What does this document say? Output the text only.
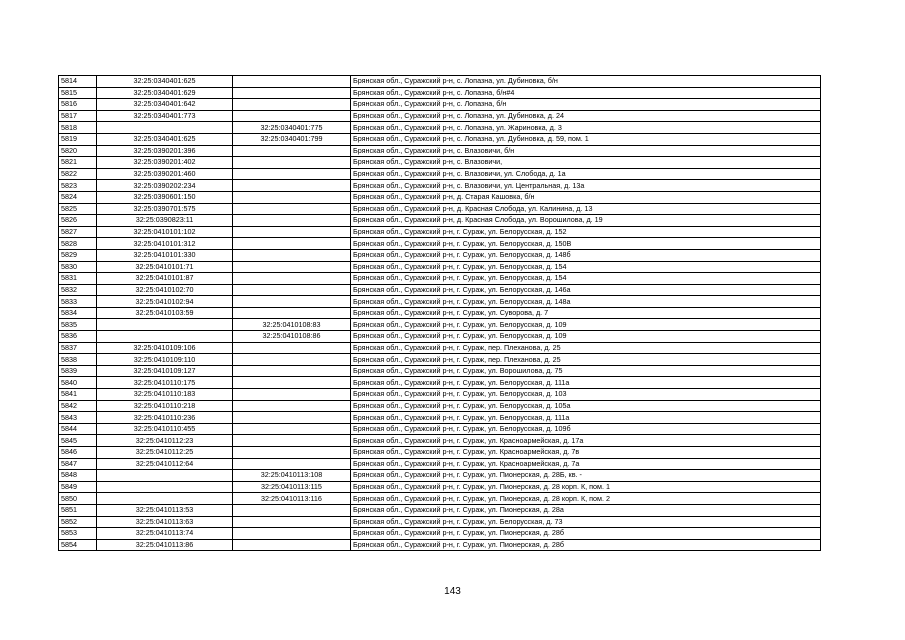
5814	32:25:0340401:625		Брянская обл., Суражский р-н, с. Лопазна, ул. Дубиновка, б/н
5815	32:25:0340401:629		Брянская обл., Суражский р-н, с. Лопазна, б/н#4
5816	32:25:0340401:642		Брянская обл., Суражский р-н, с. Лопазна, б/н
5817	32:25:0340401:773		Брянская обл., Суражский р-н, с. Лопазна, ул. Дубиновка, д. 24
5818		32:25:0340401:775	Брянская обл., Суражский р-н, с. Лопазна, ул. Жариновка, д. 3
5819	32:25:0340401:625	32:25:0340401:799	Брянская обл., Суражский р-н, с. Лопазна, ул. Дубиновка, д. 59, пом. 1
5820	32:25:0390201:396		Брянская обл., Суражский р-н, с. Влазовичи, б/н
5821	32:25:0390201:402		Брянская обл., Суражский р-н, с. Влазовичи,
5822	32:25:0390201:460		Брянская обл., Суражский р-н, с. Влазовичи, ул. Слобода, д. 1а
5823	32:25:0390202:234		Брянская обл., Суражский р-н, с. Влазовичи, ул. Центральная, д. 13а
5824	32:25:0390601:150		Брянская обл., Суражский р-н, д. Старая Кашовка, б/н
5825	32:25:0390701:575		Брянская обл., Суражский р-н, д. Красная Слобода, ул. Калинина, д. 13
5826	32:25:0390823:11		Брянская обл., Суражский р-н, д. Красная Слобода, ул. Ворошилова, д. 19
5827	32:25:0410101:102		Брянская обл., Суражский р-н, г. Сураж, ул. Белорусская, д. 152
5828	32:25:0410101:312		Брянская обл., Суражский р-н, г. Сураж, ул. Белорусская, д. 150В
5829	32:25:0410101:330		Брянская обл., Суражский р-н, г. Сураж, ул. Белорусская, д. 148б
5830	32:25:0410101:71		Брянская обл., Суражский р-н, г. Сураж, ул. Белорусская, д. 154
5831	32:25:0410101:87		Брянская обл., Суражский р-н, г. Сураж, ул. Белорусская, д. 154
5832	32:25:0410102:70		Брянская обл., Суражский р-н, г. Сураж, ул. Белорусская, д. 146а
5833	32:25:0410102:94		Брянская обл., Суражский р-н, г. Сураж, ул. Белорусская, д. 148а
5834	32:25:0410103:59		Брянская обл., Суражский р-н, г. Сураж, ул. Суворова, д. 7
5835		32:25:0410108:83	Брянская обл., Суражский р-н, г. Сураж, ул. Белорусская, д. 109
5836		32:25:0410108:86	Брянская обл., Суражский р-н, г. Сураж, ул. Белорусская, д. 109
5837	32:25:0410109:106		Брянская обл., Суражский р-н, г. Сураж, пер. Плеханова, д. 25
5838	32:25:0410109:110		Брянская обл., Суражский р-н, г. Сураж, пер. Плеханова, д. 25
5839	32:25:0410109:127		Брянская обл., Суражский р-н, г. Сураж, ул. Ворошилова, д. 75
5840	32:25:0410110:175		Брянская обл., Суражский р-н, г. Сураж, ул. Белорусская, д. 111а
5841	32:25:0410110:183		Брянская обл., Суражский р-н, г. Сураж, ул. Белорусская, д. 103
5842	32:25:0410110:218		Брянская обл., Суражский р-н, г. Сураж, ул. Белорусская, д. 105а
5843	32:25:0410110:236		Брянская обл., Суражский р-н, г. Сураж, ул. Белорусская, д. 111а
5844	32:25:0410110:455		Брянская обл., Суражский р-н, г. Сураж, ул. Белорусская, д. 109б
5845	32:25:0410112:23		Брянская обл., Суражский р-н, г. Сураж, ул. Красноармейская, д. 17а
5846	32:25:0410112:25		Брянская обл., Суражский р-н, г. Сураж, ул. Красноармейская, д. 7в
5847	32:25:0410112:64		Брянская обл., Суражский р-н, г. Сураж, ул. Красноармейская, д. 7а
5848		32:25:0410113:108	Брянская обл., Суражский р-н, г. Сураж, ул. Пионерская, д. 28Б, кв. -
5849		32:25:0410113:115	Брянская обл., Суражский р-н, г. Сураж, ул. Пионерская, д. 28 корп. К, пом. 1
5850		32:25:0410113:116	Брянская обл., Суражский р-н, г. Сураж, ул. Пионерская, д. 28 корп. К, пом. 2
5851	32:25:0410113:53		Брянская обл., Суражский р-н, г. Сураж, ул. Пионерская, д. 28а
5852	32:25:0410113:63		Брянская обл., Суражский р-н, г. Сураж, ул. Белорусская, д. 73
5853	32:25:0410113:74		Брянская обл., Суражский р-н, г. Сураж, ул. Пионерская, д. 28б
5854	32:25:0410113:86		Брянская обл., Суражский р-н, г. Сураж, ул. Пионерская, д. 28б
143
